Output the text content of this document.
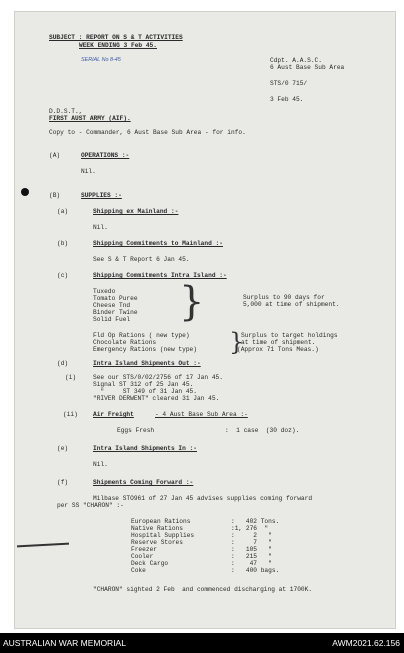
SUBJECT : REPORT ON S & T ACTIVITIES
WEEK ENDING 3 Feb 45.
SERIAL No 8-45	Cdpt. A.A.S.C.
6 Aust Base Sub Area
STS/0 715/
3 Feb 45.
D.D.S.T.,
FIRST AUST ARMY (AIF).
Copy to - Commander, 6 Aust Base Sub Area - for info.
(A)	OPERATIONS :-
Nil.
(B)	SUPPLIES :-
(a)	Shipping ex Mainland :-
Nil.
(b)	Shipping Commitments to Mainland :-
See S & T Report 6 Jan 45.
(c)	Shipping Commitments Intra Island :-
Tuxedo
Tomato Puree
Cheese Tnd
Binder Twine
Solid Fuel }	Surplus to 90 days for
5,000 at time of shipment.
Fld Op Rations ( new type)
Chocolate Rations
Emergency Rations (new type) }
Surplus to target holdings
at time of shipment.
(Approx 71 Tons Meas.)
(d)	Intra Island Shipments Out :-
(i)	See our STS/0/02/2756 of 17 Jan 45.
Signal ST 312 of 25 Jan 45.
"     ST 349 of 31 Jan 45.
"RIVER DERWENT" cleared 31 Jan 45.
(ii) Air Freight	- 4 Aust Base Sub Area :-
Eggs Fresh	:  1 case  (30 doz).
(e)	Intra Island Shipments In :-
Nil.
(f)	Shipments Coming Forward :-
Milbase STO961 of 27 Jan 45 advises supplies coming forward
per SS "CHARON" :-
European Rations	:   402 Tons.
Native Rations	:1, 276  "
Hospital Supplies	:     2   "
Reserve Stores	:     7   "
Freezer	:   105   "
Cooler	:   215   "
Deck Cargo	:    47   "
Coke	:   400 bags.
"CHARON" sighted 2 Feb  and commenced discharging at 1700K.
AUSTRALIAN WAR MEMORIAL	AWM2021.62.156
